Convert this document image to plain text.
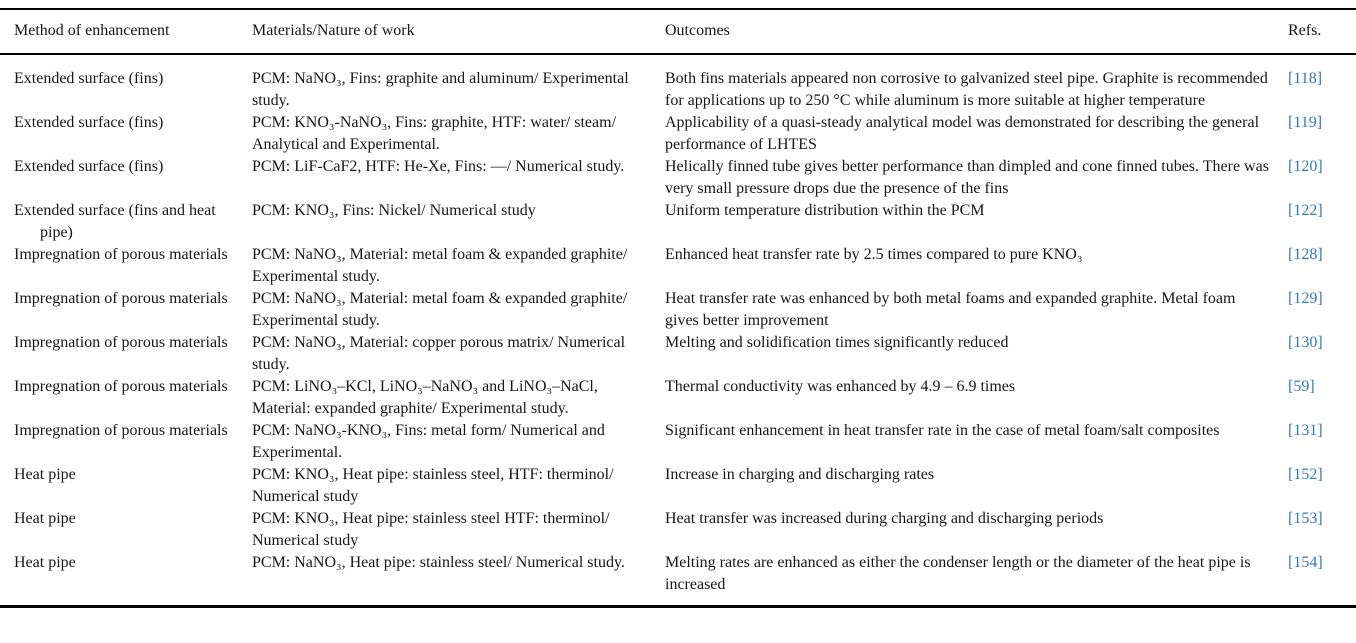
Method of enhancement	Materials/Nature of work	Outcomes	Refs.
Extended surface (fins)	PCM: NaNO₃, Fins: graphite and aluminum/ Experimental study.	Both fins materials appeared non corrosive to galvanized steel pipe. Graphite is recommended for applications up to 250 °C while aluminum is more suitable at higher temperature	[118]
Extended surface (fins)	PCM: KNO₃-NaNO₃, Fins: graphite, HTF: water/ steam/ Analytical and Experimental.	Applicability of a quasi-steady analytical model was demonstrated for describing the general performance of LHTES	[119]
Extended surface (fins)	PCM: LiF-CaF2, HTF: He-Xe, Fins: —/ Numerical study.	Helically finned tube gives better performance than dimpled and cone finned tubes. There was very small pressure drops due the presence of the fins	[120]
Extended surface (fins and heat pipe)	PCM: KNO₃, Fins: Nickel/ Numerical study	Uniform temperature distribution within the PCM	[122]
Impregnation of porous materials	PCM: NaNO₃, Material: metal foam & expanded graphite/ Experimental study.	Enhanced heat transfer rate by 2.5 times compared to pure KNO₃	[128]
Impregnation of porous materials	PCM: NaNO₃, Material: metal foam & expanded graphite/ Experimental study.	Heat transfer rate was enhanced by both metal foams and expanded graphite. Metal foam gives better improvement	[129]
Impregnation of porous materials	PCM: NaNO₃, Material: copper porous matrix/ Numerical study.	Melting and solidification times significantly reduced	[130]
Impregnation of porous materials	PCM: LiNO₃–KCl, LiNO₃–NaNO₃ and LiNO₃–NaCl, Material: expanded graphite/ Experimental study.	Thermal conductivity was enhanced by 4.9 – 6.9 times	[59]
Impregnation of porous materials	PCM: NaNO₃-KNO₃, Fins: metal form/ Numerical and Experimental.	Significant enhancement in heat transfer rate in the case of metal foam/salt composites	[131]
Heat pipe	PCM: KNO₃, Heat pipe: stainless steel, HTF: therminol/ Numerical study	Increase in charging and discharging rates	[152]
Heat pipe	PCM: KNO₃, Heat pipe: stainless steel HTF: therminol/ Numerical study	Heat transfer was increased during charging and discharging periods	[153]
Heat pipe	PCM: NaNO₃, Heat pipe: stainless steel/ Numerical study.	Melting rates are enhanced as either the condenser length or the diameter of the heat pipe is increased	[154]
